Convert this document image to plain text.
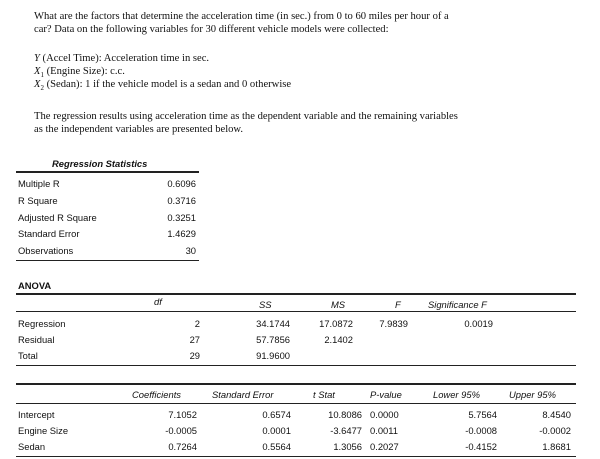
What are the factors that determine the acceleration time (in sec.) from 0 to 60 miles per hour of a
car? Data on the following variables for 30 different vehicle models were collected:
Y (Accel Time): Acceleration time in sec.
$X_1$ (Engine Size): c.c.
$X_2$ (Sedan): 1 if the vehicle model is a sedan and 0 otherwise
The regression results using acceleration time as the dependent variable and the remaining variables
as the independent variables are presented below.
Regression Statistics
Multiple R	0.6096
R Square	0.3716
Adjusted R Square	0.3251
Standard Error	1.4629
Observations	30
ANOVA
df	SS	MS	F	Significance F
Regression	2	34.1744	17.0872	7.9839	0.0019
Residual	27	57.7856	2.1402
Total	29	91.9600
Coefficients	Standard Error	t Stat	P-value	Lower 95%	Upper 95%
Intercept	7.1052	0.6574	10.8086 0.0000	5.7564	8.4540
Engine Size	-0.0005	0.0001	-3.6477 0.0011	-0.0008	-0.0002
Sedan	0.7264	0.5564	1.3056 0.2027	-0.4152	1.8681
